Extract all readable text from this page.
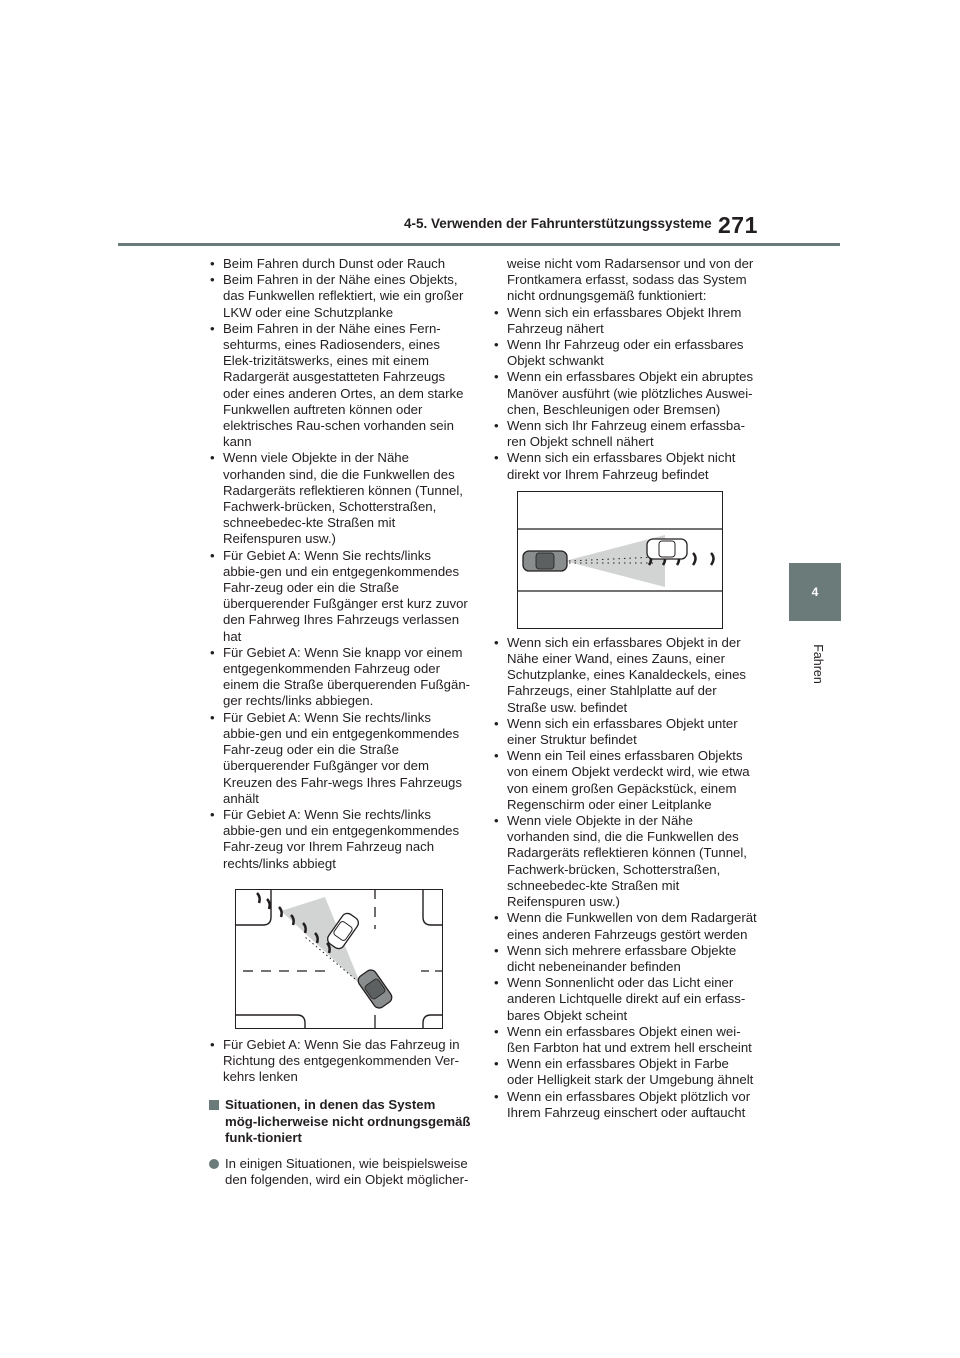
4-5. Verwenden der Fahrunterstützungssysteme 271
4
Fahren
• Beim Fahren durch Dunst oder Rauch
• Beim Fahren in der Nähe eines Objekts, das Funkwellen reflektiert, wie ein großer LKW oder eine Schutzplanke
• Beim Fahren in der Nähe eines Fern-sehturms, eines Radiosenders, eines Elek-trizitätswerks, eines mit einem Radargerät ausgestatteten Fahrzeugs oder eines anderen Ortes, an dem starke Funkwellen auftreten können oder elektrisches Rau-schen vorhanden sein kann
• Wenn viele Objekte in der Nähe vorhanden sind, die die Funkwellen des Radargeräts reflektieren können (Tunnel, Fachwerk-brücken, Schotterstraßen, schneebedec-kte Straßen mit Reifenspuren usw.)
• Für Gebiet A: Wenn Sie rechts/links abbie-gen und ein entgegenkommendes Fahr-zeug oder ein die Straße überquerender Fußgänger erst kurz zuvor den Fahrweg Ihres Fahrzeugs verlassen hat
• Für Gebiet A: Wenn Sie knapp vor einem entgegenkommenden Fahrzeug oder einem die Straße überquerenden Fußgän-ger rechts/links abbiegen.
• Für Gebiet A: Wenn Sie rechts/links abbie-gen und ein entgegenkommendes Fahr-zeug oder ein die Straße überquerender Fußgänger vor dem Kreuzen des Fahr-wegs Ihres Fahrzeugs anhält
• Für Gebiet A: Wenn Sie rechts/links abbie-gen und ein entgegenkommendes Fahr-zeug vor Ihrem Fahrzeug nach rechts/links abbiegt
• Für Gebiet A: Wenn Sie das Fahrzeug in Richtung des entgegenkommenden Ver-kehrs lenken
Situationen, in denen das System mög-licherweise nicht ordnungsgemäß funk-tioniert
In einigen Situationen, wie beispielsweise den folgenden, wird ein Objekt möglicher-
weise nicht vom Radarsensor und von der Frontkamera erfasst, sodass das System nicht ordnungsgemäß funktioniert:
• Wenn sich ein erfassbares Objekt Ihrem Fahrzeug nähert
• Wenn Ihr Fahrzeug oder ein erfassbares Objekt schwankt
• Wenn ein erfassbares Objekt ein abruptes Manöver ausführt (wie plötzliches Auswei-chen, Beschleunigen oder Bremsen)
• Wenn sich Ihr Fahrzeug einem erfassba-ren Objekt schnell nähert
• Wenn sich ein erfassbares Objekt nicht direkt vor Ihrem Fahrzeug befindet
• Wenn sich ein erfassbares Objekt in der Nähe einer Wand, eines Zauns, einer Schutzplanke, eines Kanaldeckels, eines Fahrzeugs, einer Stahlplatte auf der Straße usw. befindet
• Wenn sich ein erfassbares Objekt unter einer Struktur befindet
• Wenn ein Teil eines erfassbaren Objekts von einem Objekt verdeckt wird, wie etwa von einem großen Gepäckstück, einem Regenschirm oder einer Leitplanke
• Wenn viele Objekte in der Nähe vorhanden sind, die die Funkwellen des Radargeräts reflektieren können (Tunnel, Fachwerk-brücken, Schotterstraßen, schneebedec-kte Straßen mit Reifenspuren usw.)
• Wenn die Funkwellen von dem Radargerät eines anderen Fahrzeugs gestört werden
• Wenn sich mehrere erfassbare Objekte dicht nebeneinander befinden
• Wenn Sonnenlicht oder das Licht einer anderen Lichtquelle direkt auf ein erfass-bares Objekt scheint
• Wenn ein erfassbares Objekt einen wei-ßen Farbton hat und extrem hell erscheint
• Wenn ein erfassbares Objekt in Farbe oder Helligkeit stark der Umgebung ähnelt
• Wenn ein erfassbares Objekt plötzlich vor Ihrem Fahrzeug einschert oder auftaucht
